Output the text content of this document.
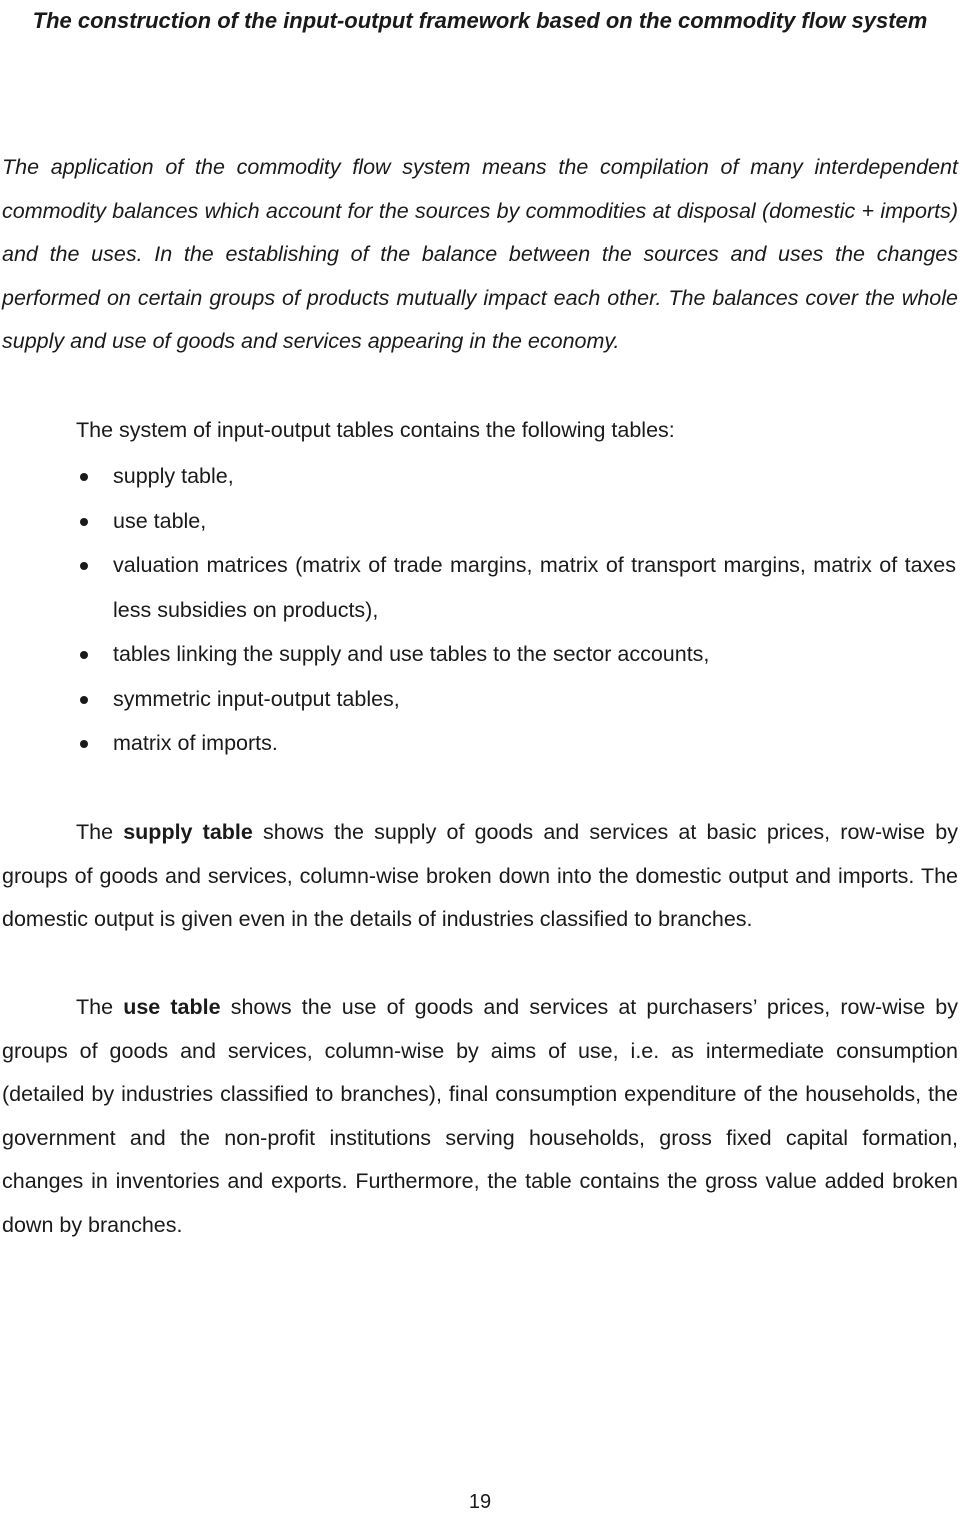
The construction of the input-output framework based on the commodity flow system

The application of the commodity flow system means the compilation of many interdependent commodity balances which account for the sources by commodities at disposal (domestic + imports) and the uses. In the establishing of the balance between the sources and uses the changes performed on certain groups of products mutually impact each other. The balances cover the whole supply and use of goods and services appearing in the economy.

The system of input-output tables contains the following tables:

supply table,
use table,
valuation matrices (matrix of trade margins, matrix of transport margins, matrix of taxes less subsidies on products),
tables linking the supply and use tables to the sector accounts,
symmetric input-output tables,
matrix of imports.

The supply table shows the supply of goods and services at basic prices, row-wise by groups of goods and services, column-wise broken down into the domestic output and imports. The domestic output is given even in the details of industries classified to branches.

The use table shows the use of goods and services at purchasers’ prices, row-wise by groups of goods and services, column-wise by aims of use, i.e. as intermediate consumption (detailed by industries classified to branches), final consumption expenditure of the households, the government and the non-profit institutions serving households, gross fixed capital formation, changes in inventories and exports. Furthermore, the table contains the gross value added broken down by branches.

19
